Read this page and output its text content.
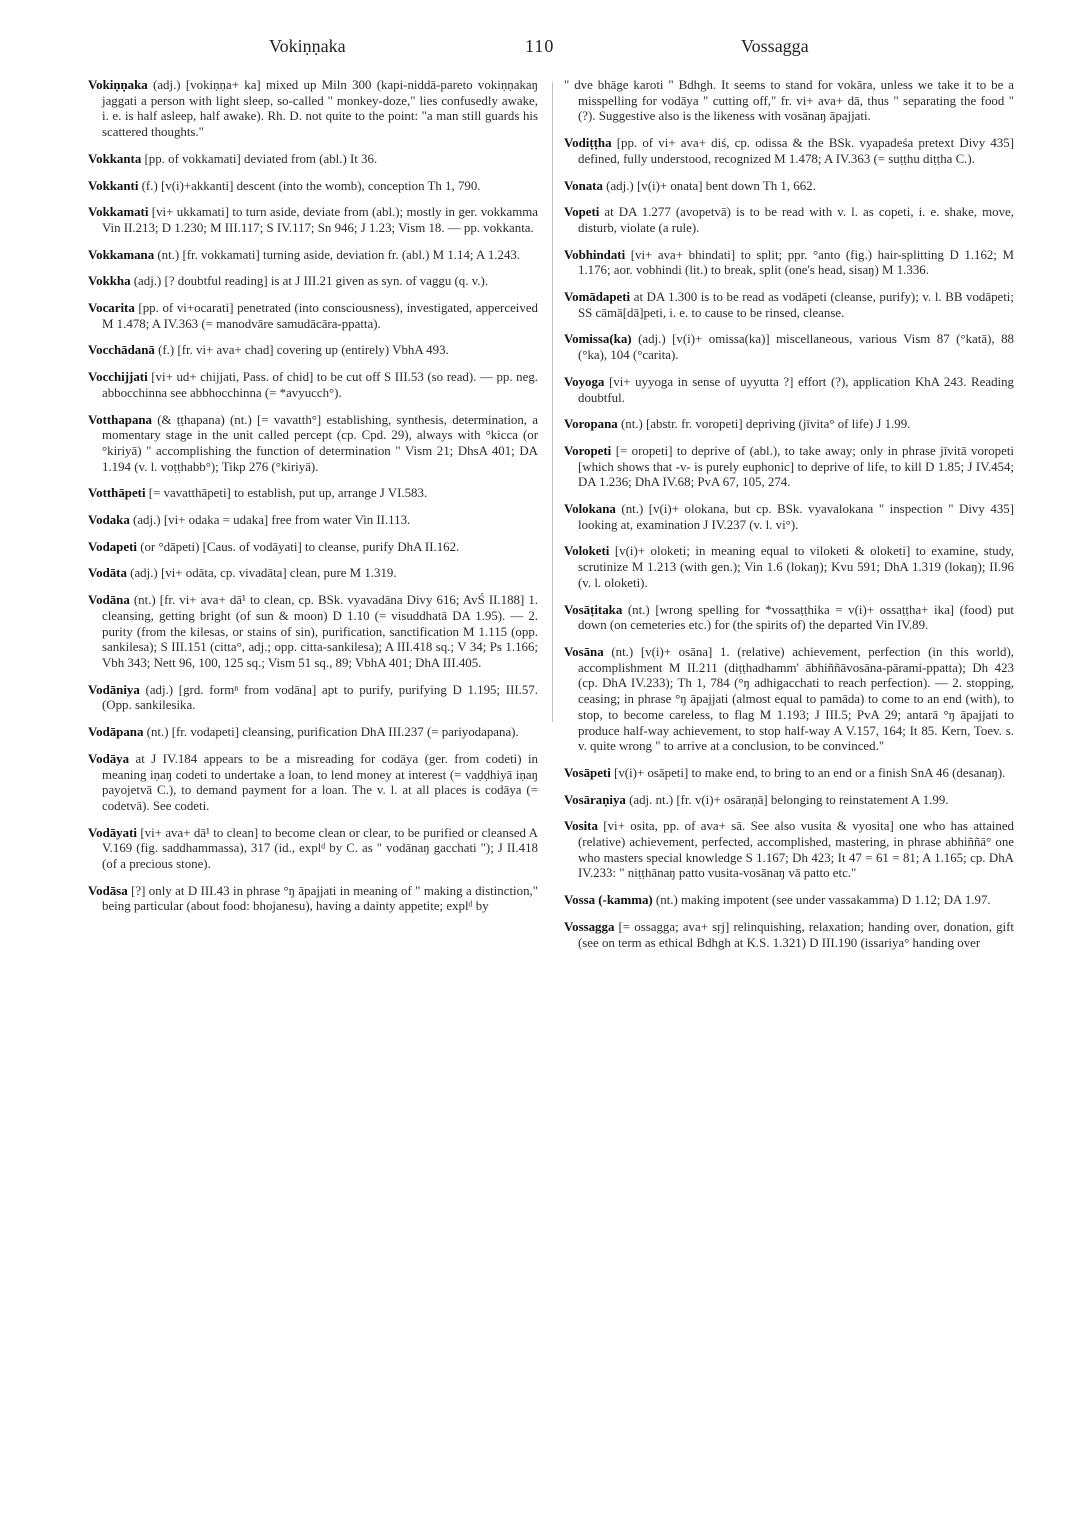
Vokiṇṇaka	110	Vossagga

Vokiṇṇaka (adj.) [vokiṇṇa+ ka] mixed up Miln 300 (kapi-niddā-pareto vokiṇṇakaŋ jaggati a person with light sleep, so-called " monkey-doze," lies confusedly awake, i. e. is half asleep, half awake). Rh. D. not quite to the point: "a man still guards his scattered thoughts."

Vokkanta [pp. of vokkamati] deviated from (abl.) It 36.

Vokkanti (f.) [v(i)+akkanti] descent (into the womb), conception Th 1, 790.

Vokkamati [vi+ ukkamati] to turn aside, deviate from (abl.); mostly in ger. vokkamma Vin II.213; D 1.230; M III.117; S IV.117; Sn 946; J 1.23; Vism 18. — pp. vokkanta.

Vokkamana (nt.) [fr. vokkamati] turning aside, deviation fr. (abl.) M 1.14; A 1.243.

Vokkha (adj.) [? doubtful reading] is at J III.21 given as syn. of vaggu (q. v.).

Vocarita [pp. of vi+ocarati] penetrated (into consciousness), investigated, apperceived M 1.478; A IV.363 (= manodvāre samudācāra-ppatta).

Vocchādanā (f.) [fr. vi+ ava+ chad] covering up (entirely) VbhA 493.

Vocchijjati [vi+ ud+ chijjati, Pass. of chid] to be cut off S III.53 (so read). — pp. neg. abbocchinna see abbhocchinna (= *avyucch°).

Votthapana (& ṭṭhapana) (nt.) [= vavatth°] establishing, synthesis, determination, a momentary stage in the unit called percept (cp. Cpd. 29), always with °kicca (or °kiriyā) " accomplishing the function of determination " Vism 21; DhsA 401; DA 1.194 (v. l. voṭṭhabb°); Tikp 276 (°kiriyā).

Votthāpeti [= vavatthāpeti] to establish, put up, arrange J VI.583.

Vodaka (adj.) [vi+ odaka = udaka] free from water Vin II.113.

Vodapeti (or °dāpeti) [Caus. of vodāyati] to cleanse, purify DhA II.162.

Vodāta (adj.) [vi+ odāta, cp. vivadāta] clean, pure M 1.319.

Vodāna (nt.) [fr. vi+ ava+ dā¹ to clean, cp. BSk. vyavadāna Divy 616; AvŚ II.188] 1. cleansing, getting bright (of sun & moon) D 1.10 (= visuddhatā DA 1.95). — 2. purity (from the kilesas, or stains of sin), purification, sanctification M 1.115 (opp. sankilesa); S III.151 (citta°, adj.; opp. citta-sankilesa); A III.418 sq.; V 34; Ps 1.166; Vbh 343; Nett 96, 100, 125 sq.; Vism 51 sq., 89; VbhA 401; DhA III.405.

Vodāniya (adj.) [grd. formⁿ from vodāna] apt to purify, purifying D 1.195; III.57. (Opp. sankilesika.

Vodāpana (nt.) [fr. vodapeti] cleansing, purification DhA III.237 (= pariyodapana).

Vodāya at J IV.184 appears to be a misreading for codāya (ger. from codeti) in meaning iṇaŋ codeti to undertake a loan, to lend money at interest (= vaḍḍhiyā iṇaŋ payojetvā C.), to demand payment for a loan. The v. l. at all places is codāya (= codetvā). See codeti.

Vodāyati [vi+ ava+ dā¹ to clean] to become clean or clear, to be purified or cleansed A V.169 (fig. saddhammassa), 317 (id., explᵈ by C. as " vodānaŋ gacchati "); J II.418 (of a precious stone).

Vodāsa [?] only at D III.43 in phrase °ŋ āpajjati in meaning of " making a distinction," being particular (about food: bhojanesu), having a dainty appetite; explᵈ by

" dve bhāge karoti " Bdhgh. It seems to stand for vokāra, unless we take it to be a misspelling for vodāya " cutting off," fr. vi+ ava+ dā, thus " separating the food " (?). Suggestive also is the likeness with vosānaŋ āpajjati.

Vodiṭṭha [pp. of vi+ ava+ diś, cp. odissa & the BSk. vyapadeśa pretext Divy 435] defined, fully understood, recognized M 1.478; A IV.363 (= suṭṭhu diṭṭha C.).

Vonata (adj.) [v(i)+ onata] bent down Th 1, 662.

Vopeti at DA 1.277 (avopetvā) is to be read with v. l. as copeti, i. e. shake, move, disturb, violate (a rule).

Vobhindati [vi+ ava+ bhindati] to split; ppr. °anto (fig.) hair-splitting D 1.162; M 1.176; aor. vobhindi (lit.) to break, split (one's head, sisaŋ) M 1.336.

Vomādapeti at DA 1.300 is to be read as vodāpeti (cleanse, purify); v. l. BB vodāpeti; SS cāmā[dā]peti, i. e. to cause to be rinsed, cleanse.

Vomissa(ka) (adj.) [v(i)+ omissa(ka)] miscellaneous, various Vism 87 (°katā), 88 (°ka), 104 (°carita).

Voyoga [vi+ uyyoga in sense of uyyutta ?] effort (?), application KhA 243. Reading doubtful.

Voropana (nt.) [abstr. fr. voropeti] depriving (jīvita° of life) J 1.99.

Voropeti [= oropeti] to deprive of (abl.), to take away; only in phrase jīvitā voropeti [which shows that -v- is purely euphonic] to deprive of life, to kill D 1.85; J IV.454; DA 1.236; DhA IV.68; PvA 67, 105, 274.

Volokana (nt.) [v(i)+ olokana, but cp. BSk. vyavalokana " inspection " Divy 435] looking at, examination J IV.237 (v. l. vi°).

Voloketi [v(i)+ oloketi; in meaning equal to viloketi & oloketi] to examine, study, scrutinize M 1.213 (with gen.); Vin 1.6 (lokaŋ); Kvu 591; DhA 1.319 (lokaŋ); II.96 (v. l. oloketi).

Vosāṭitaka (nt.) [wrong spelling for *vossaṭṭhika = v(i)+ ossaṭṭha+ ika] (food) put down (on cemeteries etc.) for (the spirits of) the departed Vin IV.89.

Vosāna (nt.) [v(i)+ osāna] 1. (relative) achievement, perfection (in this world), accomplishment M II.211 (diṭṭhadhamm' ābhiññāvosāna-pārami-ppatta); Dh 423 (cp. DhA IV.233); Th 1, 784 (°ŋ adhigacchati to reach perfection). — 2. stopping, ceasing; in phrase °ŋ āpajjati (almost equal to pamāda) to come to an end (with), to stop, to become careless, to flag M 1.193; J III.5; PvA 29; antarā °ŋ āpajjati to produce half-way achievement, to stop half-way A V.157, 164; It 85. Kern, Toev. s. v. quite wrong " to arrive at a conclusion, to be convinced."

Vosāpeti [v(i)+ osāpeti] to make end, to bring to an end or a finish SnA 46 (desanaŋ).

Vosāraṇiya (adj. nt.) [fr. v(i)+ osāraṇā] belonging to reinstatement A 1.99.

Vosita [vi+ osita, pp. of ava+ sā. See also vusita & vyosita] one who has attained (relative) achievement, perfected, accomplished, mastering, in phrase abhiññā° one who masters special knowledge S 1.167; Dh 423; It 47 = 61 = 81; A 1.165; cp. DhA IV.233: " niṭṭhānaŋ patto vusita-vosānaŋ vā patto etc."

Vossa (-kamma) (nt.) making impotent (see under vassakamma) D 1.12; DA 1.97.

Vossagga [= ossagga; ava+ sṛj] relinquishing, relaxation; handing over, donation, gift (see on term as ethical Bdhgh at K.S. 1.321) D III.190 (issariya° handing over
